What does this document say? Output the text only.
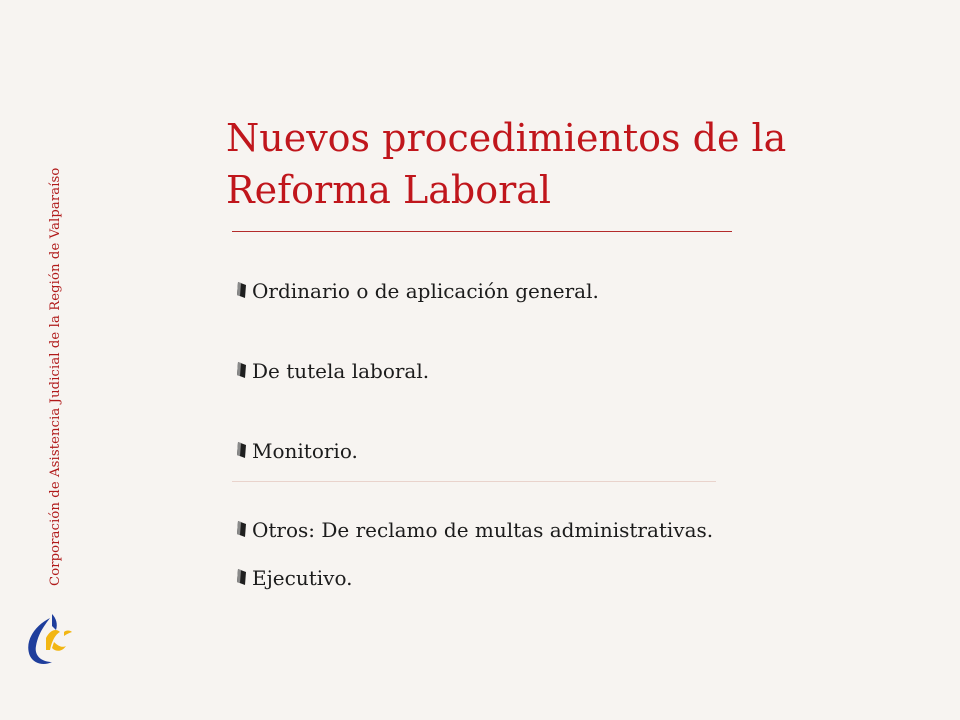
Corporación de Asistencia Judicial de la Región de Valparaíso
Nuevos procedimientos de la
Reforma Laboral
Ordinario o de aplicación general.
De tutela laboral.
Monitorio.
Otros: De reclamo de multas administrativas.
Ejecutivo.
